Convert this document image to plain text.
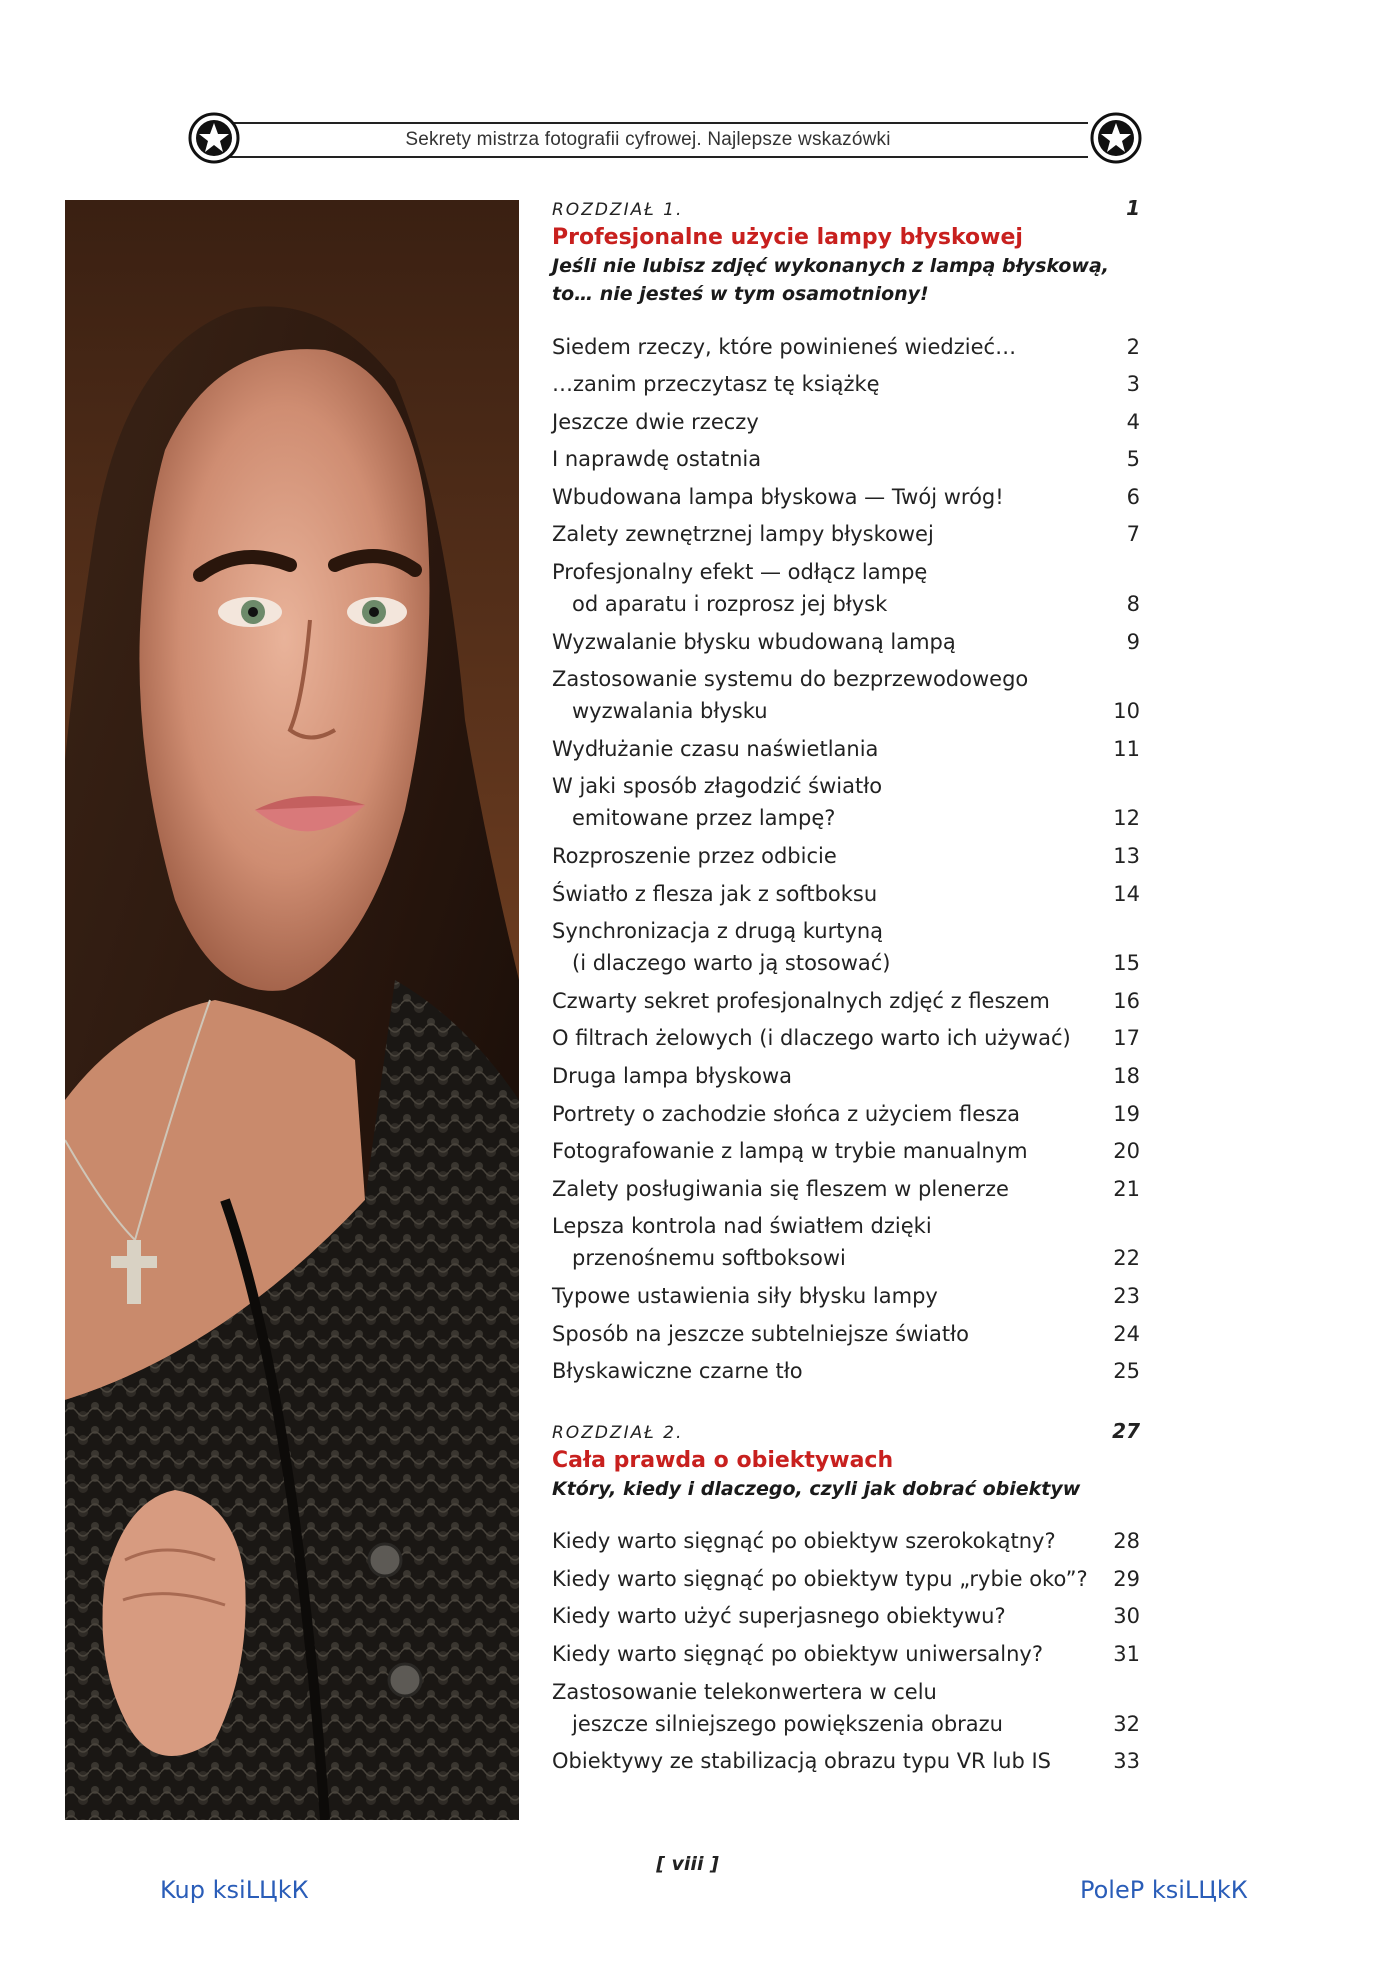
Sekrety mistrza fotografii cyfrowej. Najlepsze wskazówki
ROZDZIAŁ 1.	1
Profesjonalne użycie lampy błyskowej
Jeśli nie lubisz zdjęć wykonanych z lampą błyskową,
to… nie jesteś w tym osamotniony!
Siedem rzeczy, które powinieneś wiedzieć…	2
…zanim przeczytasz tę książkę	3
Jeszcze dwie rzeczy	4
I naprawdę ostatnia	5
Wbudowana lampa błyskowa — Twój wróg!	6
Zalety zewnętrznej lampy błyskowej	7
Profesjonalny efekt — odłącz lampę
od aparatu i rozprosz jej błysk	8
Wyzwalanie błysku wbudowaną lampą	9
Zastosowanie systemu do bezprzewodowego
wyzwalania błysku	10
Wydłużanie czasu naświetlania	11
W jaki sposób złagodzić światło
emitowane przez lampę?	12
Rozproszenie przez odbicie	13
Światło z flesza jak z softboksu	14
Synchronizacja z drugą kurtyną
(i dlaczego warto ją stosować)	15
Czwarty sekret profesjonalnych zdjęć z fleszem	16
O filtrach żelowych (i dlaczego warto ich używać)	17
Druga lampa błyskowa	18
Portrety o zachodzie słońca z użyciem flesza	19
Fotografowanie z lampą w trybie manualnym	20
Zalety posługiwania się fleszem w plenerze	21
Lepsza kontrola nad światłem dzięki
przenośnemu softboksowi	22
Typowe ustawienia siły błysku lampy	23
Sposób na jeszcze subtelniejsze światło	24
Błyskawiczne czarne tło	25
ROZDZIAŁ 2.	27
Cała prawda o obiektywach
Który, kiedy i dlaczego, czyli jak dobrać obiektyw
Kiedy warto sięgnąć po obiektyw szerokokątny?	28
Kiedy warto sięgnąć po obiektyw typu „rybie oko”?	29
Kiedy warto użyć superjasnego obiektywu?	30
Kiedy warto sięgnąć po obiektyw uniwersalny?	31
Zastosowanie telekonwertera w celu
jeszcze silniejszego powiększenia obrazu	32
Obiektywy ze stabilizacją obrazu typu VR lub IS	33
[ viii ]
Kup ksiLЦkК	PoleР ksiLЦkК
